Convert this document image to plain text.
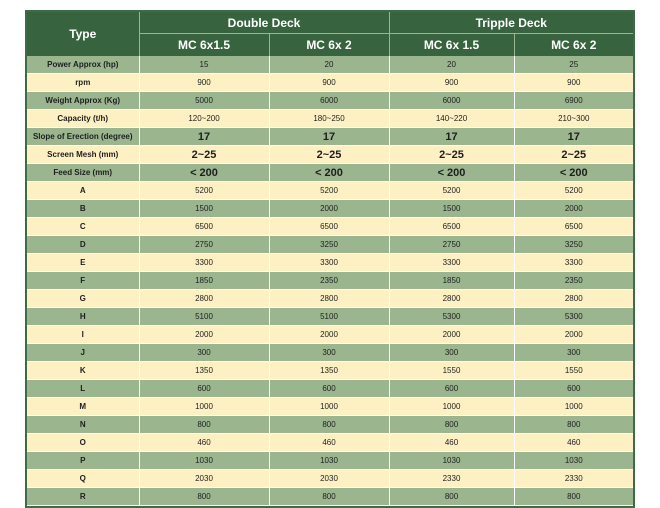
Type	Double Deck		Tripple Deck	
	MC 6x1.5	MC 6x 2	MC 6x 1.5	MC 6x 2
Power Approx (hp)	15	20	20	25
rpm	900	900	900	900
Weight Approx (Kg)	5000	6000	6000	6900
Capacity (t/h)	120~200	180~250	140~220	210~300
Slope of Erection (degree)	17	17	17	17
Screen Mesh (mm)	2~25	2~25	2~25	2~25
Feed Size (mm)	< 200	< 200	< 200	< 200
A	5200	5200	5200	5200
B	1500	2000	1500	2000
C	6500	6500	6500	6500
D	2750	3250	2750	3250
E	3300	3300	3300	3300
F	1850	2350	1850	2350
G	2800	2800	2800	2800
H	5100	5100	5300	5300
I	2000	2000	2000	2000
J	300	300	300	300
K	1350	1350	1550	1550
L	600	600	600	600
M	1000	1000	1000	1000
N	800	800	800	800
O	460	460	460	460
P	1030	1030	1030	1030
Q	2030	2030	2330	2330
R	800	800	800	800
